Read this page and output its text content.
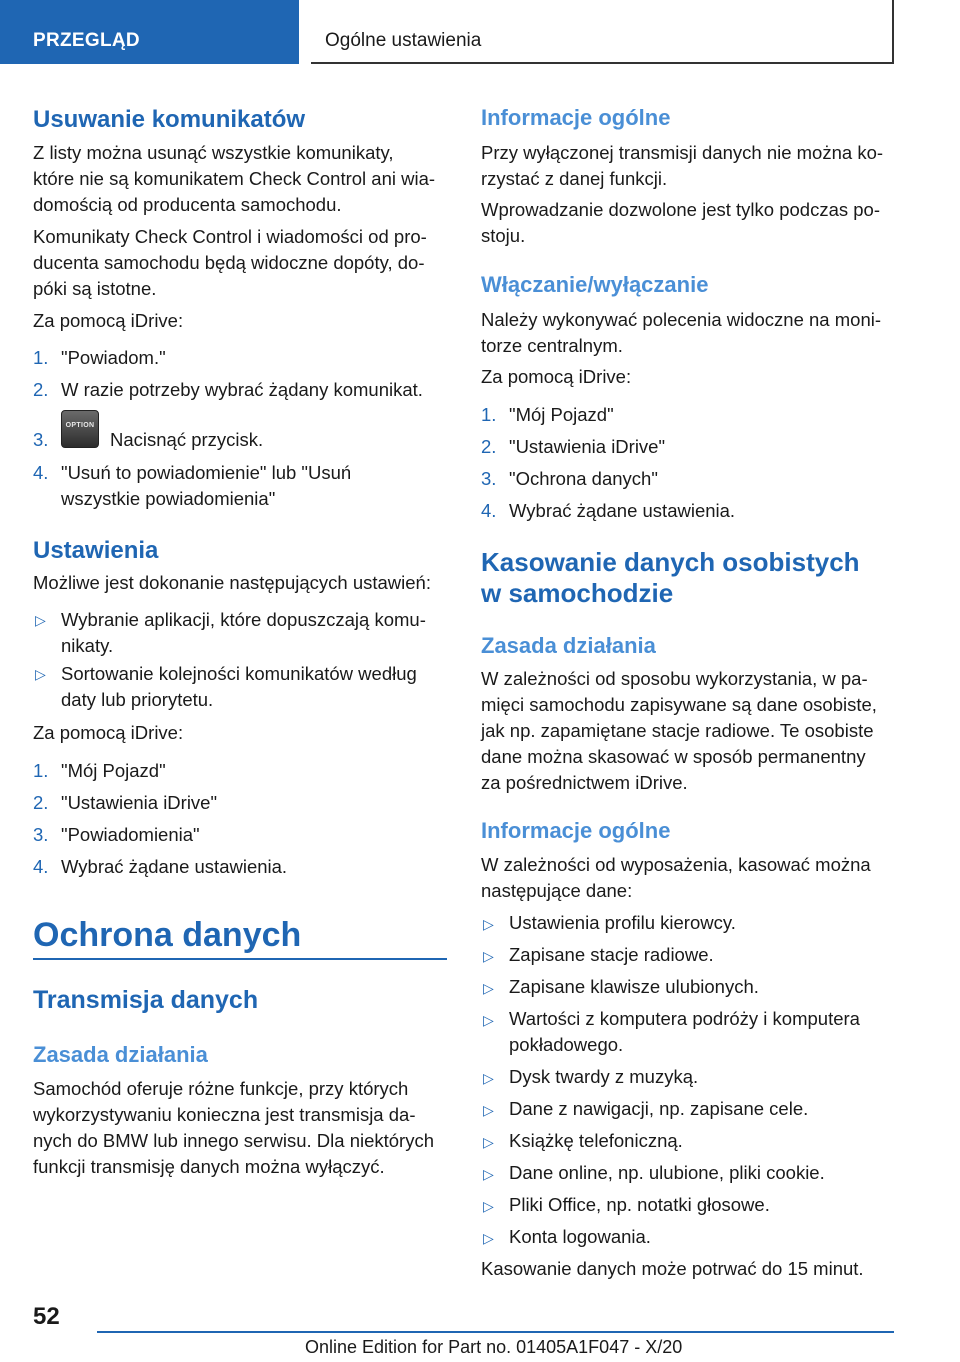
PRZEGLĄD	Ogólne ustawienia
Usuwanie komunikatów
Z listy można usunąć wszystkie komunikaty,
które nie są komunikatem Check Control ani wia-
domością od producenta samochodu.
Komunikaty Check Control i wiadomości od pro-
ducenta samochodu będą widoczne dopóty, do-
póki są istotne.
Za pomocą iDrive:
1. "Powiadom."
2. W razie potrzeby wybrać żądany komunikat.
3.
OPTION
Nacisnąć przycisk.
4. "Usuń to powiadomienie" lub "Usuń
wszystkie powiadomienia"
Ustawienia
Możliwe jest dokonanie następujących ustawień:
▷ Wybranie aplikacji, które dopuszczają komu-
nikaty.
▷ Sortowanie kolejności komunikatów według
daty lub priorytetu.
Za pomocą iDrive:
1. "Mój Pojazd"
2. "Ustawienia iDrive"
3. "Powiadomienia"
4. Wybrać żądane ustawienia.
Ochrona danych
Transmisja danych
Zasada działania
Samochód oferuje różne funkcje, przy których
wykorzystywaniu konieczna jest transmisja da-
nych do BMW lub innego serwisu. Dla niektórych
funkcji transmisję danych można wyłączyć.
Informacje ogólne
Przy wyłączonej transmisji danych nie można ko-
rzystać z danej funkcji.
Wprowadzanie dozwolone jest tylko podczas po-
stoju.
Włączanie/wyłączanie
Należy wykonywać polecenia widoczne na moni-
torze centralnym.
Za pomocą iDrive:
1. "Mój Pojazd"
2. "Ustawienia iDrive"
3. "Ochrona danych"
4. Wybrać żądane ustawienia.
Kasowanie danych osobistych
w samochodzie
Zasada działania
W zależności od sposobu wykorzystania, w pa-
mięci samochodu zapisywane są dane osobiste,
jak np. zapamiętane stacje radiowe. Te osobiste
dane można skasować w sposób permanentny
za pośrednictwem iDrive.
Informacje ogólne
W zależności od wyposażenia, kasować można
następujące dane:
▷ Ustawienia profilu kierowcy.
▷ Zapisane stacje radiowe.
▷ Zapisane klawisze ulubionych.
▷ Wartości z komputera podróży i komputera
pokładowego.
▷ Dysk twardy z muzyką.
▷ Dane z nawigacji, np. zapisane cele.
▷ Książkę telefoniczną.
▷ Dane online, np. ulubione, pliki cookie.
▷ Pliki Office, np. notatki głosowe.
▷ Konta logowania.
Kasowanie danych może potrwać do 15 minut.
52
Online Edition for Part no. 01405A1F047 - X/20
